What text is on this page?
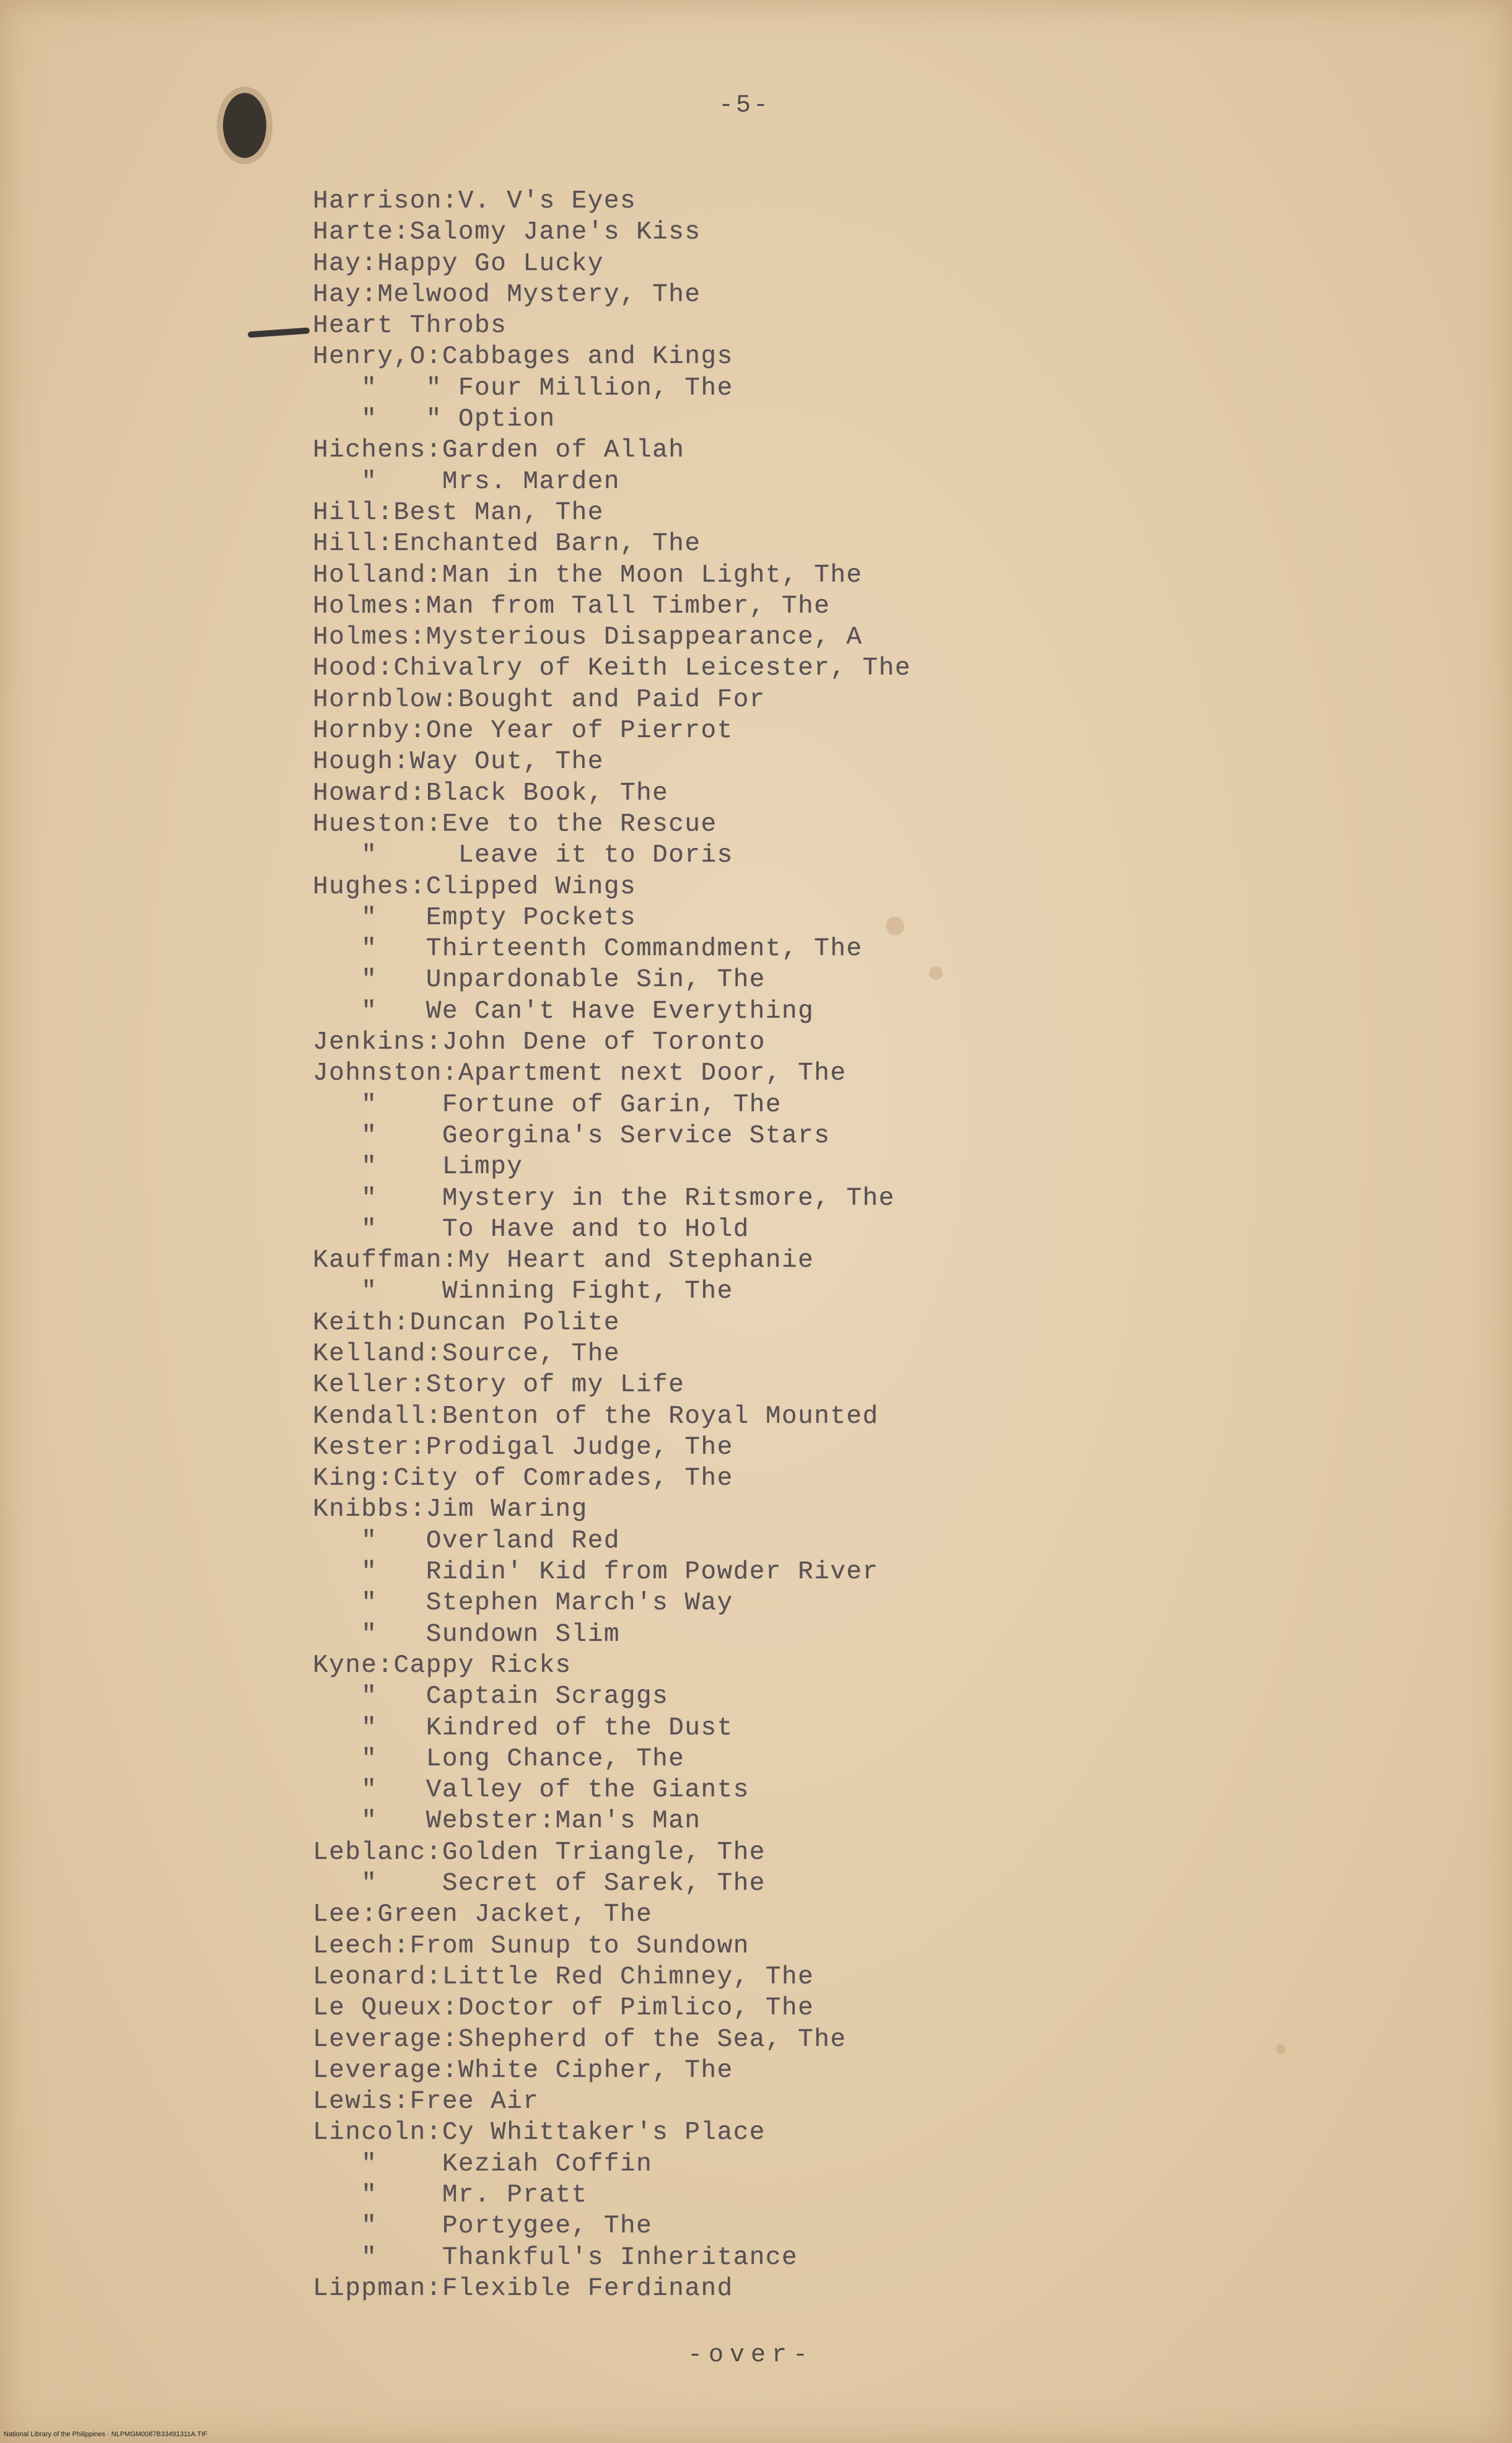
-5-
Harrison:V. V's Eyes
Harte:Salomy Jane's Kiss
Hay:Happy Go Lucky
Hay:Melwood Mystery, The
Heart Throbs
Henry,O:Cabbages and Kings
"   " Four Million, The
"   " Option
Hichens:Garden of Allah
"    Mrs. Marden
Hill:Best Man, The
Hill:Enchanted Barn, The
Holland:Man in the Moon Light, The
Holmes:Man from Tall Timber, The
Holmes:Mysterious Disappearance, A
Hood:Chivalry of Keith Leicester, The
Hornblow:Bought and Paid For
Hornby:One Year of Pierrot
Hough:Way Out, The
Howard:Black Book, The
Hueston:Eve to the Rescue
"     Leave it to Doris
Hughes:Clipped Wings
"   Empty Pockets
"   Thirteenth Commandment, The
"   Unpardonable Sin, The
"   We Can't Have Everything
Jenkins:John Dene of Toronto
Johnston:Apartment next Door, The
"    Fortune of Garin, The
"    Georgina's Service Stars
"    Limpy
"    Mystery in the Ritsmore, The
"    To Have and to Hold
Kauffman:My Heart and Stephanie
"    Winning Fight, The
Keith:Duncan Polite
Kelland:Source, The
Keller:Story of my Life
Kendall:Benton of the Royal Mounted
Kester:Prodigal Judge, The
King:City of Comrades, The
Knibbs:Jim Waring
"   Overland Red
"   Ridin' Kid from Powder River
"   Stephen March's Way
"   Sundown Slim
Kyne:Cappy Ricks
"   Captain Scraggs
"   Kindred of the Dust
"   Long Chance, The
"   Valley of the Giants
"   Webster:Man's Man
Leblanc:Golden Triangle, The
"    Secret of Sarek, The
Lee:Green Jacket, The
Leech:From Sunup to Sundown
Leonard:Little Red Chimney, The
Le Queux:Doctor of Pimlico, The
Leverage:Shepherd of the Sea, The
Leverage:White Cipher, The
Lewis:Free Air
Lincoln:Cy Whittaker's Place
"    Keziah Coffin
"    Mr. Pratt
"    Portygee, The
"    Thankful's Inheritance
Lippman:Flexible Ferdinand
-over-
National Library of the Philippines · NLPMGM0087B33491311A.TIF
